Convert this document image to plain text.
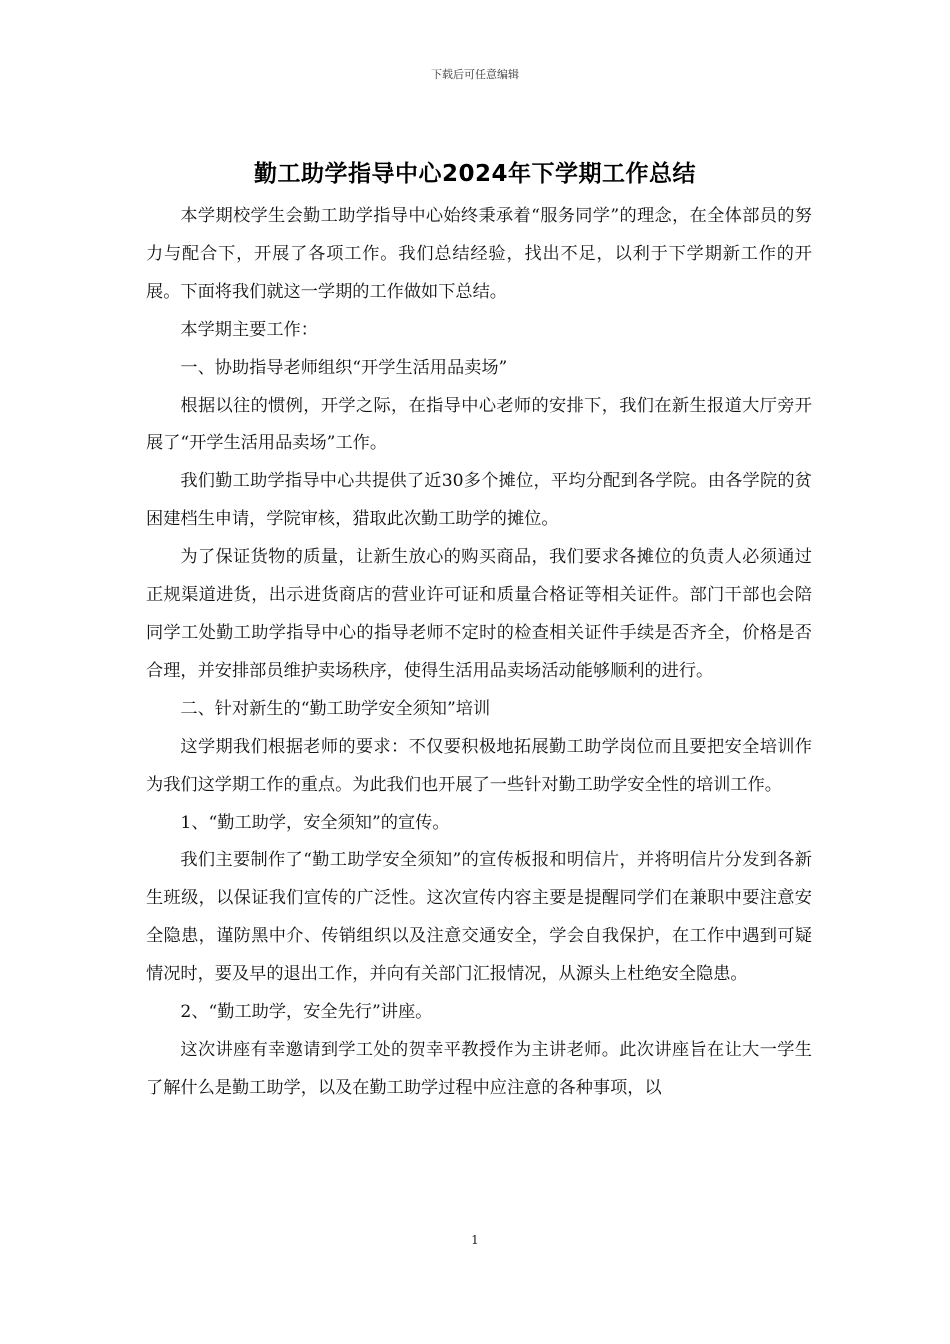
下载后可任意编辑
勤工助学指导中心2024年下学期工作总结

本学期校学生会勤工助学指导中心始终秉承着“服务同学”的理念，在全体部员的努力与配合下，开展了各项工作。我们总结经验，找出不足，以利于下学期新工作的开展。下面将我们就这一学期的工作做如下总结。

本学期主要工作：

一、协助指导老师组织“开学生活用品卖场”

根据以往的惯例，开学之际，在指导中心老师的安排下，我们在新生报道大厅旁开展了“开学生活用品卖场”工作。

我们勤工助学指导中心共提供了近30多个摊位，平均分配到各学院。由各学院的贫困建档生申请，学院审核，猎取此次勤工助学的摊位。

为了保证货物的质量，让新生放心的购买商品，我们要求各摊位的负责人必须通过正规渠道进货，出示进货商店的营业许可证和质量合格证等相关证件。部门干部也会陪同学工处勤工助学指导中心的指导老师不定时的检查相关证件手续是否齐全，价格是否合理，并安排部员维护卖场秩序，使得生活用品卖场活动能够顺利的进行。

二、针对新生的“勤工助学安全须知”培训

这学期我们根据老师的要求：不仅要积极地拓展勤工助学岗位而且要把安全培训作为我们这学期工作的重点。为此我们也开展了一些针对勤工助学安全性的培训工作。

1、“勤工助学，安全须知”的宣传。

我们主要制作了“勤工助学安全须知”的宣传板报和明信片，并将明信片分发到各新生班级，以保证我们宣传的广泛性。这次宣传内容主要是提醒同学们在兼职中要注意安全隐患，谨防黑中介、传销组织以及注意交通安全，学会自我保护，在工作中遇到可疑情况时，要及早的退出工作，并向有关部门汇报情况，从源头上杜绝安全隐患。

2、“勤工助学，安全先行”讲座。

这次讲座有幸邀请到学工处的贺幸平教授作为主讲老师。此次讲座旨在让大一学生了解什么是勤工助学，以及在勤工助学过程中应注意的各种事项，以

1
